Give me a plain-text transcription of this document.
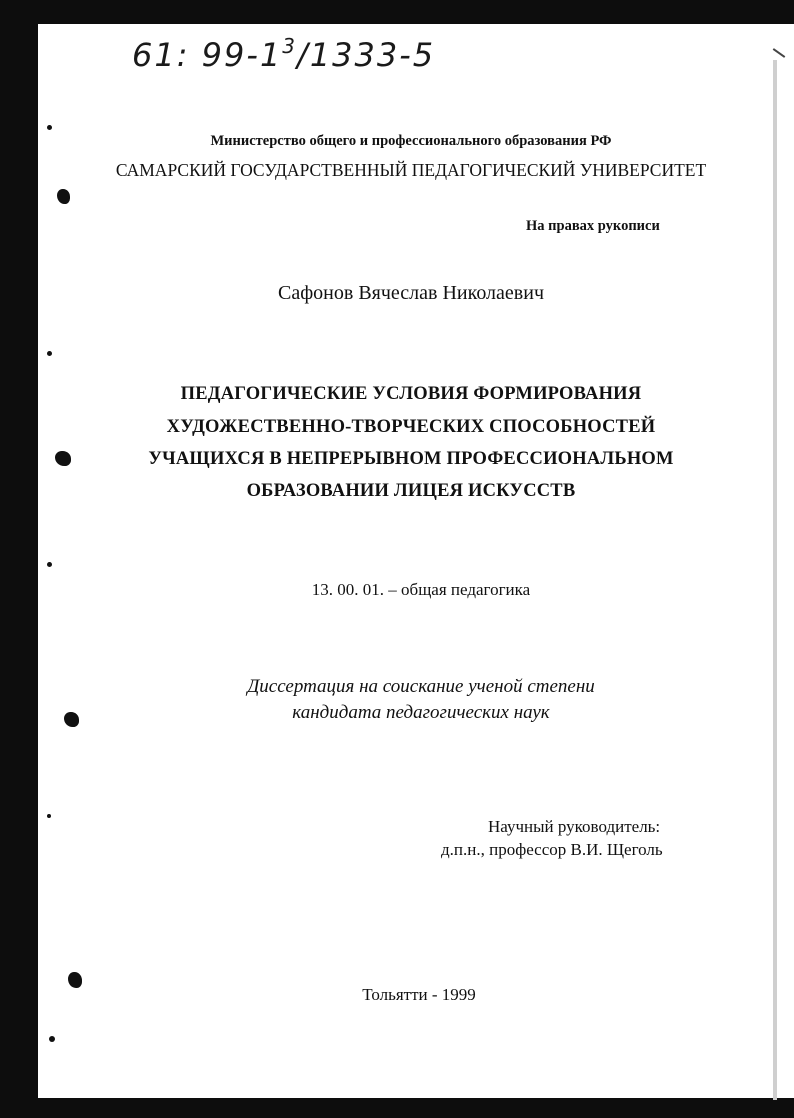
61: $99-1^3/1333-5$
Министерство общего и профессионального образования РФ
САМАРСКИЙ ГОСУДАРСТВЕННЫЙ ПЕДАГОГИЧЕСКИЙ УНИВЕРСИТЕТ
На правах рукописи
Сафонов Вячеслав Николаевич
ПЕДАГОГИЧЕСКИЕ УСЛОВИЯ ФОРМИРОВАНИЯ
ХУДОЖЕСТВЕННО-ТВОРЧЕСКИХ СПОСОБНОСТЕЙ
УЧАЩИХСЯ В НЕПРЕРЫВНОМ ПРОФЕССИОНАЛЬНОМ
ОБРАЗОВАНИИ ЛИЦЕЯ ИСКУССТВ
13. 00. 01. – общая педагогика
Диссертация на соискание ученой степени
кандидата педагогических наук
Научный руководитель:
д.п.н., профессор В.И. Щеголь
Тольятти - 1999
